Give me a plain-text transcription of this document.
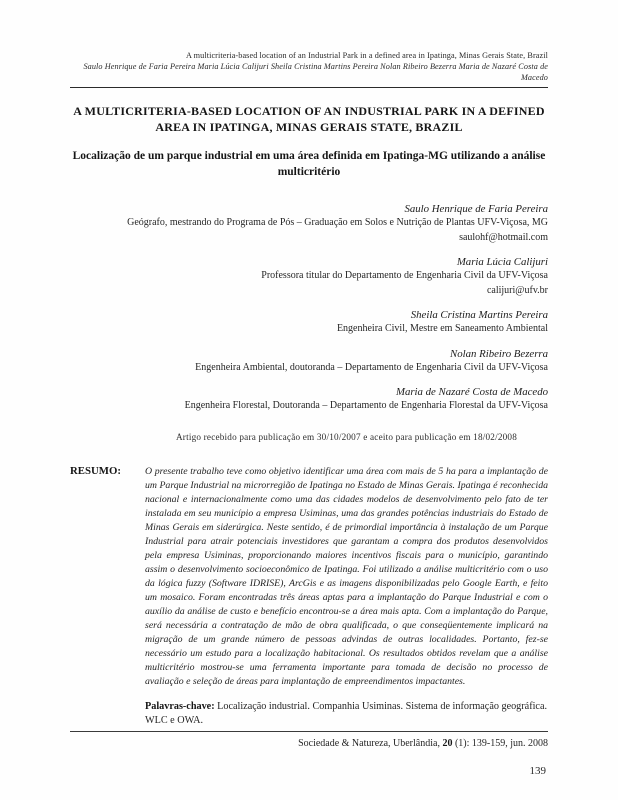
A multicriteria-based location of an Industrial Park in a defined area in Ipatinga, Minas Gerais State, Brazil
Saulo Henrique de Faria Pereira Maria Lúcia Calijuri Sheila Cristina Martins Pereira Nolan Ribeiro Bezerra Maria de Nazaré Costa de Macedo
A MULTICRITERIA-BASED LOCATION OF AN INDUSTRIAL PARK IN A DEFINED AREA IN IPATINGA, MINAS GERAIS STATE, BRAZIL
Localização de um parque industrial em uma área definida em Ipatinga-MG utilizando a análise multicritério
Saulo Henrique de Faria Pereira
Geógrafo, mestrando do Programa de Pós – Graduação em Solos e Nutrição de Plantas UFV-Viçosa, MG
saulohf@hotmail.com
Maria Lúcia Calijuri
Professora titular do Departamento de Engenharia Civil da UFV-Viçosa
calijuri@ufv.br
Sheila Cristina Martins Pereira
Engenheira Civil, Mestre em Saneamento Ambiental
Nolan Ribeiro Bezerra
Engenheira Ambiental, doutoranda – Departamento de Engenharia Civil da UFV-Viçosa
Maria de Nazaré Costa de Macedo
Engenheira Florestal, Doutoranda – Departamento de Engenharia Florestal da UFV-Viçosa
Artigo recebido para publicação em 30/10/2007 e aceito para publicação em 18/02/2008
RESUMO:	O presente trabalho teve como objetivo identificar uma área com mais de 5 ha para a implantação de um Parque Industrial na microrregião de Ipatinga no Estado de Minas Gerais. Ipatinga é reconhecida nacional e internacionalmente como uma das cidades modelos de desenvolvimento pelo fato de ter instalada em seu município a empresa Usiminas, uma das grandes potências industriais do Estado de Minas Gerais em siderúrgica. Neste sentido, é de primordial importância à instalação de um Parque Industrial para atrair potenciais investidores que garantam a compra dos produtos desenvolvidos pela empresa Usiminas, proporcionando maiores incentivos fiscais para o município, garantindo assim o desenvolvimento socioeconômico de Ipatinga. Foi utilizado a análise multicritério com o uso da lógica fuzzy (Software IDRISE), ArcGis e as imagens disponibilizadas pelo Google Earth, e feito um mosaico. Foram encontradas três áreas aptas para a implantação do Parque Industrial e com o auxílio da análise de custo e benefício encontrou-se a área mais apta. Com a implantação do Parque, será necessária a contratação de mão de obra qualificada, o que conseqüentemente implicará na migração de um grande número de pessoas advindas de outras localidades. Portanto, fez-se necessário um estudo para a localização habitacional. Os resultados obtidos revelam que a análise multicritério mostrou-se uma ferramenta importante para tomada de decisão no processo de avaliação e seleção de áreas para implantação de empreendimentos impactantes.

Palavras-chave: Localização industrial. Companhia Usiminas. Sistema de informação geográfica. WLC e OWA.

Sociedade & Natureza, Uberlândia, 20 (1): 139-159, jun. 2008
139
